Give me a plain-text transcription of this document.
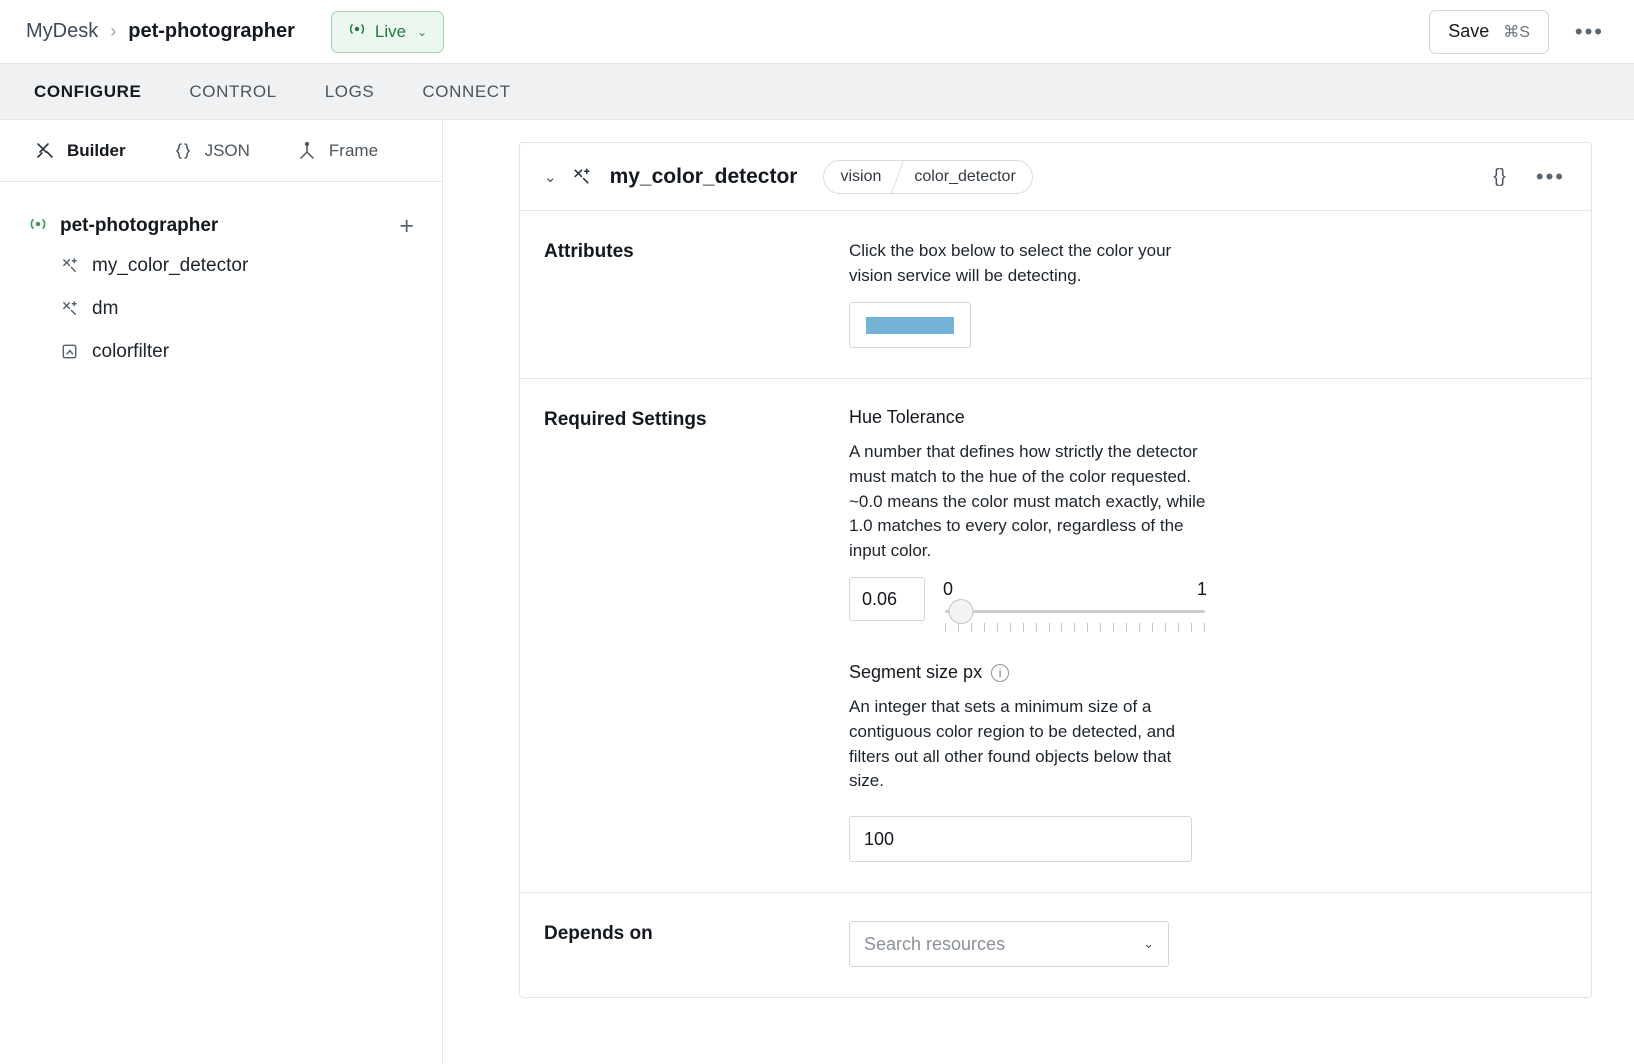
MyDesk › pet-photographer	Live ⌄	Save ⌘S •••
CONFIGURE	CONTROL	LOGS	CONNECT
Builder	JSON	Frame
pet-photographer	+
my_color_detector
dm
colorfilter
⌄	my_color_detector	vision	color_detector	{} •••
Attributes	Click the box below to select the color your vision service will be detecting.

Required Settings	Hue Tolerance

A number that defines how strictly the detector must match to the hue of the color requested. ~0.0 means the color must match exactly, while 1.0 matches to every color, regardless of the input color.

0.06
0	1

Segment size px	i

An integer that sets a minimum size of a contiguous color region to be detected, and filters out all other found objects below that size.

100
Depends on	Search resources	⌄
